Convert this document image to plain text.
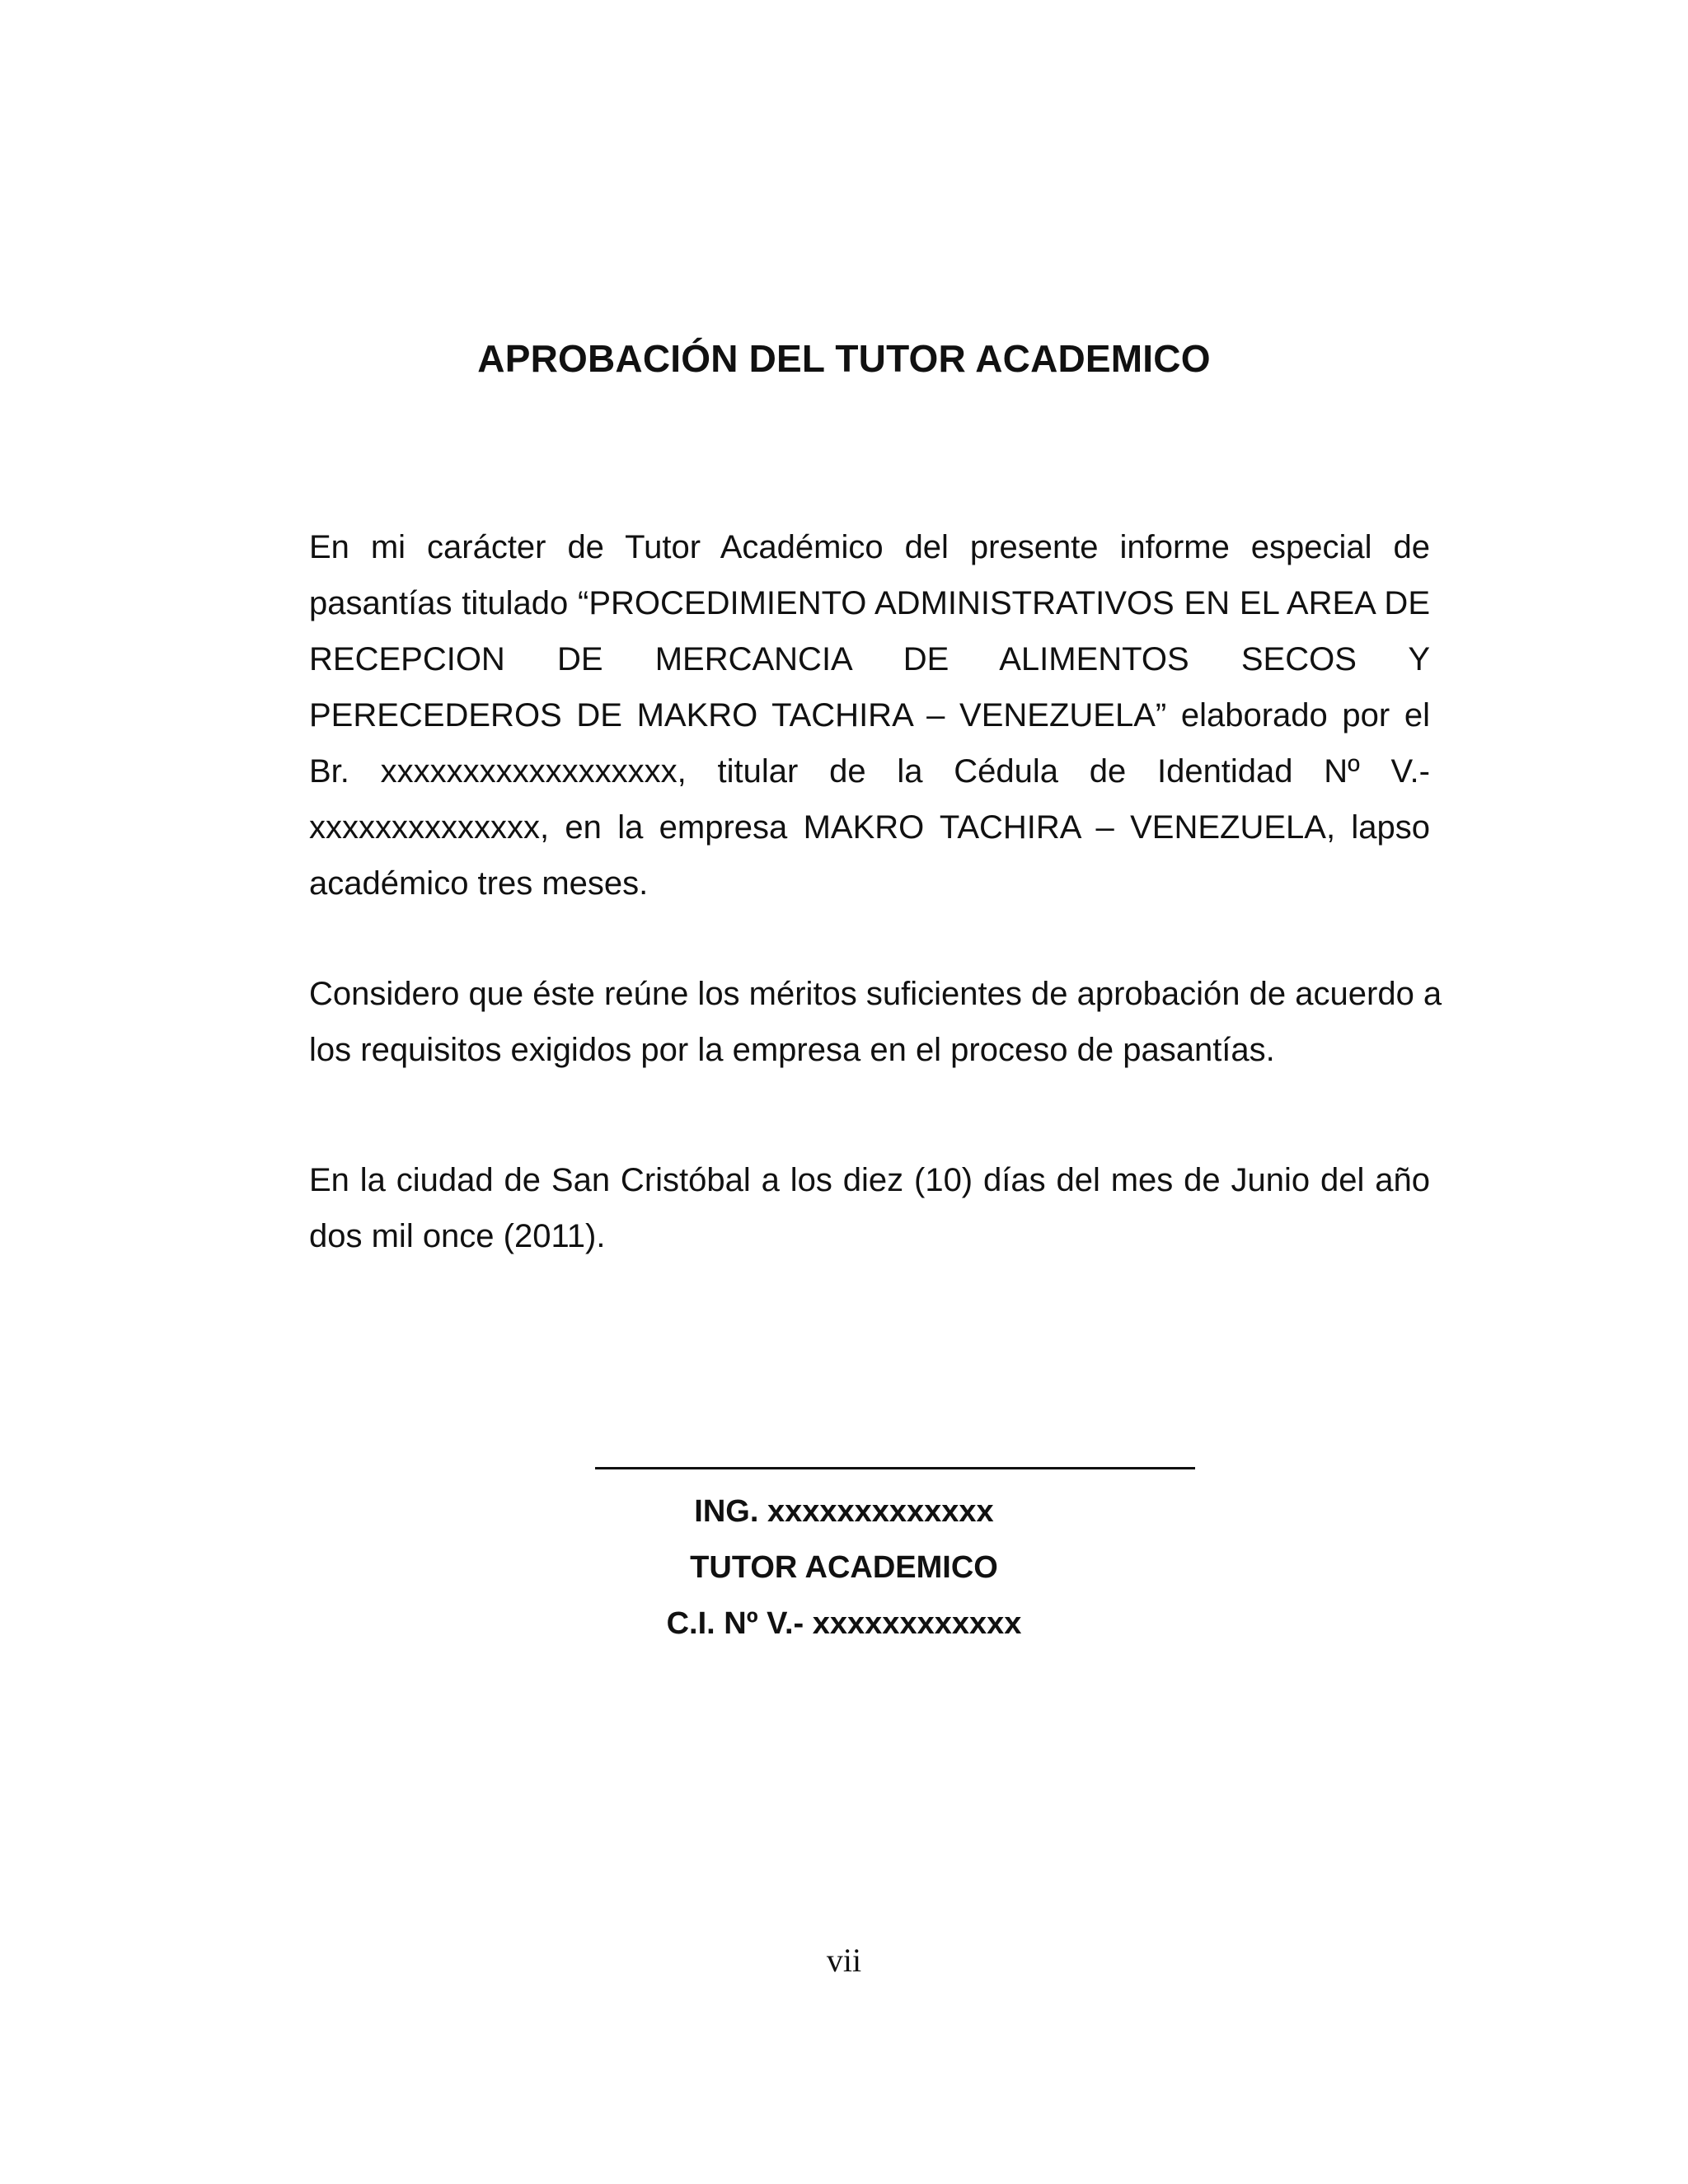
APROBACIÓN DEL TUTOR ACADEMICO
En mi carácter de Tutor Académico del presente informe especial de
pasantías titulado “PROCEDIMIENTO ADMINISTRATIVOS EN EL AREA DE
RECEPCION DE MERCANCIA DE ALIMENTOS SECOS Y
PERECEDEROS DE MAKRO TACHIRA – VENEZUELA” elaborado por el
Br. xxxxxxxxxxxxxxxxxx, titular de la Cédula de Identidad Nº V.-
xxxxxxxxxxxxxx, en la empresa MAKRO TACHIRA – VENEZUELA, lapso
académico tres meses.
Considero que éste reúne los méritos suficientes de aprobación de acuerdo a
los requisitos exigidos por la empresa en el proceso de pasantías.
En la ciudad de San Cristóbal a los diez (10) días del mes de Junio del año
dos mil once (2011).
ING. xxxxxxxxxxxxx
TUTOR ACADEMICO
C.I. Nº V.- xxxxxxxxxxxx
vii
